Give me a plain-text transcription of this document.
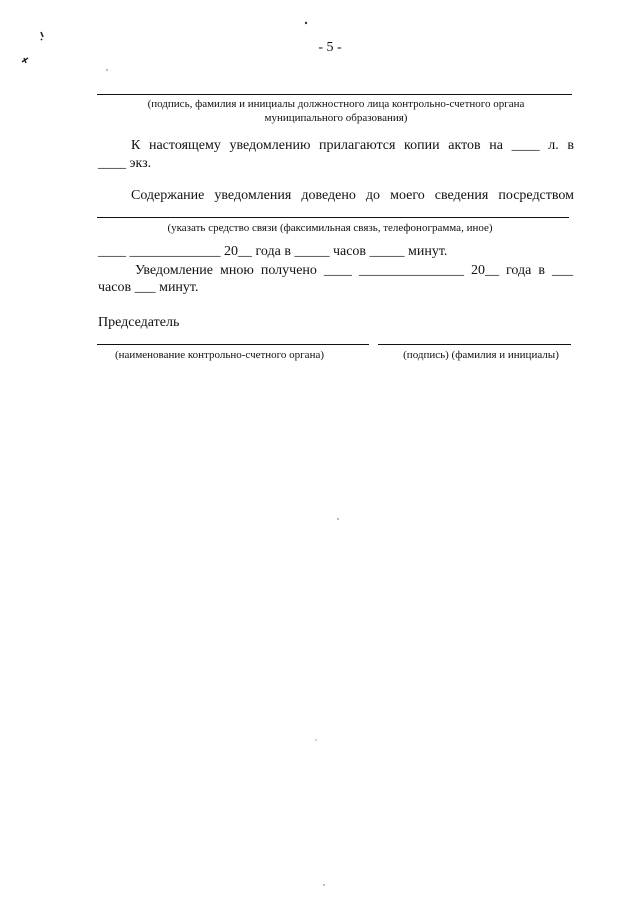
- 5 -
(подпись, фамилия и инициалы должностного лица контрольно-счетного органа муниципального образования)
К настоящему уведомлению прилагаются копии актов на ____ л. в
____ экз.
Содержание уведомления доведено до моего сведения посредством
(указать средство связи (факсимильная связь, телефонограмма, иное)
____ _____________ 20__ года в _____ часов _____ минут.
Уведомление мною получено ____ _______________ 20__ года в ___
часов ___ минут.
Председатель
(наименование контрольно-счетного органа)	(подпись) (фамилия и инициалы)
